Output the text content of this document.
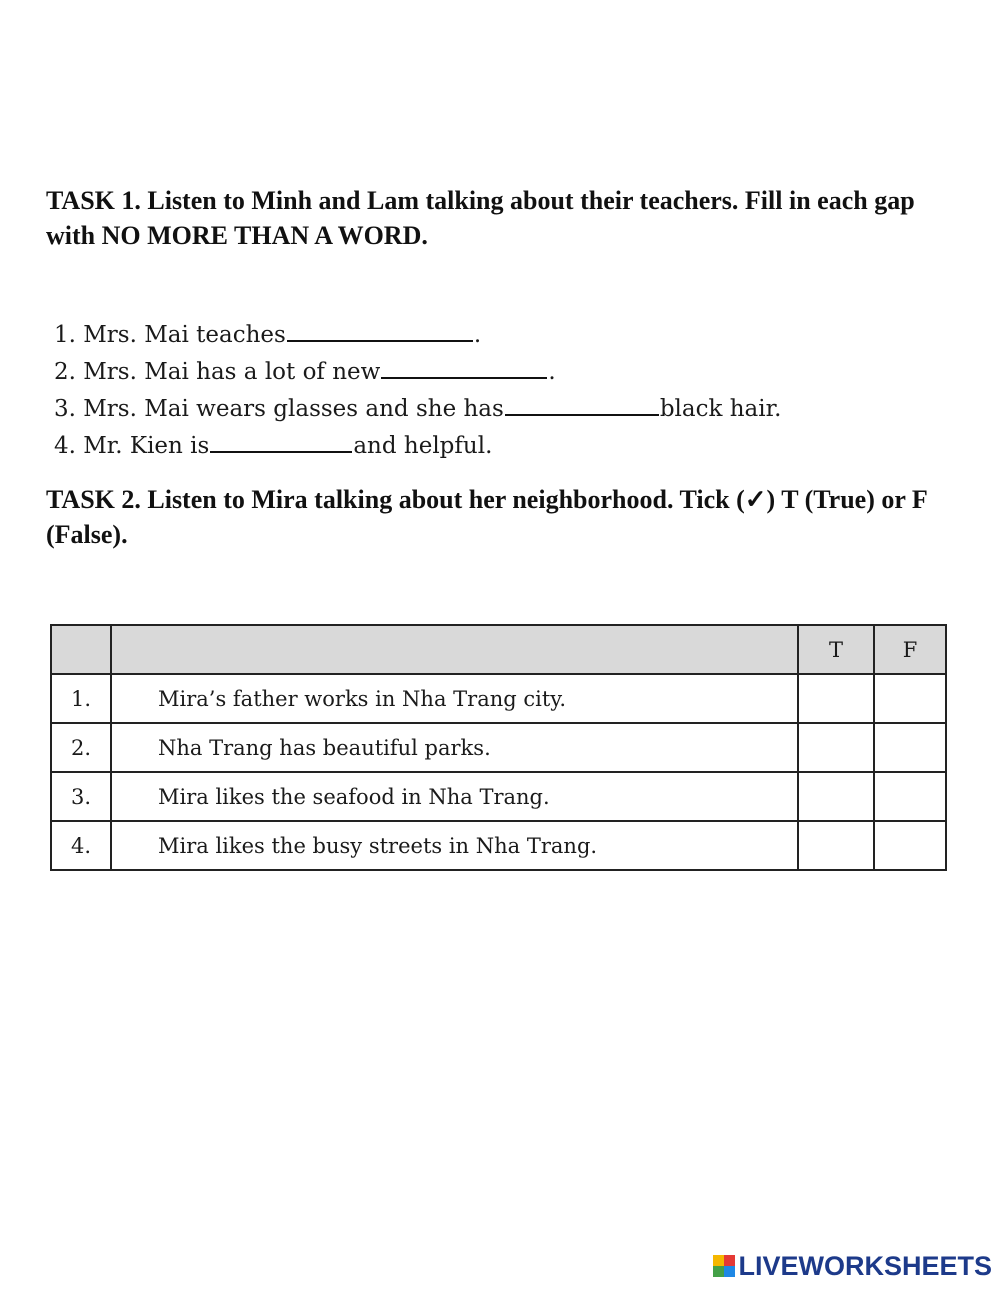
TASK 1. Listen to Minh and Lam talking about their teachers. Fill in each gap with NO MORE THAN A WORD.

1. Mrs. Mai teaches	.
2. Mrs. Mai has a lot of new	.
3. Mrs. Mai wears glasses and she has	black hair.
4. Mr. Kien is	and helpful.

TASK 2. Listen to Mira talking about her neighborhood. Tick (✓) T (True) or F (False).

		T	F
1.	Mira’s father works in Nha Trang city.		
2.	Nha Trang has beautiful parks.		
3.	Mira likes the seafood in Nha Trang.		
4.	Mira likes the busy streets in Nha Trang.		
LIVEWORKSHEETS
